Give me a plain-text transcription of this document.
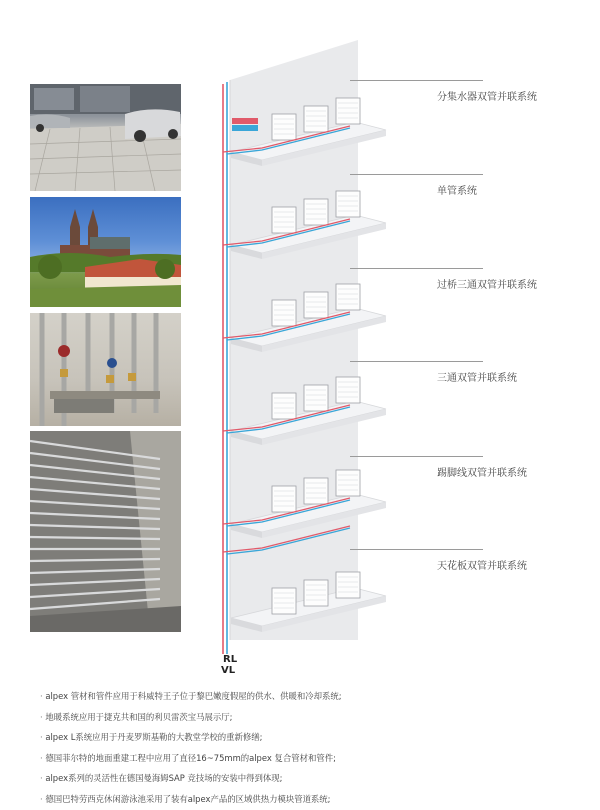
分集水器双管并联系统
单管系统
过桥三通双管并联系统
三通双管并联系统
踢脚线双管并联系统
天花板双管并联系统
RL
VL
· alpex 管材和管件应用于科威特王子位于黎巴嫩度假屋的供水、供暖和冷却系统;
· 地暖系统应用于捷克共和国的利贝雷茨宝马展示厅;
· alpex L系统应用于丹麦罗斯基勒的大教堂学校的重新修缮;
· 德国菲尔特的地面重建工程中应用了直径16~75mm的alpex 复合管材和管件;
· alpex系列的灵活性在德国曼海姆SAP 竞技场的安装中得到体现;
· 德国巴特劳西克休闲游泳池采用了装有alpex产品的区域供热力模块管道系统;
